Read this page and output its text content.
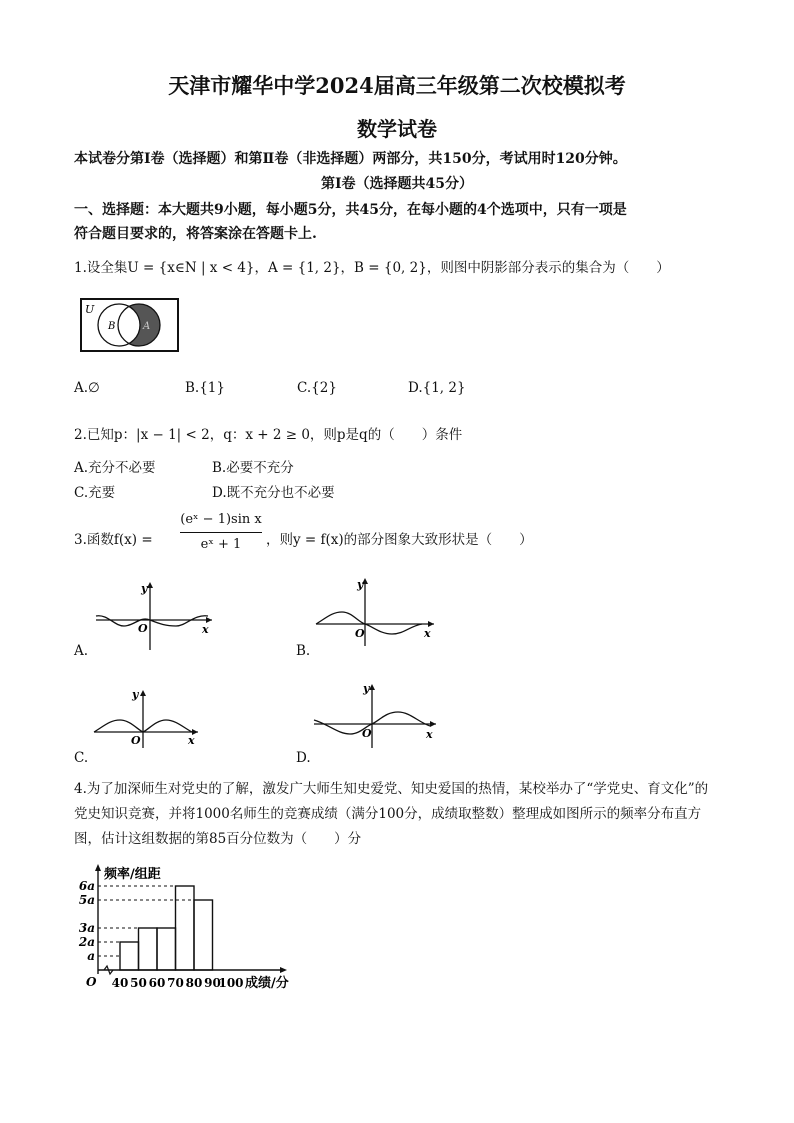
天津市耀华中学2024届高三年级第二次校模拟考
数学试卷
本试卷分第Ⅰ卷（选择题）和第Ⅱ卷（非选择题）两部分，共150分，考试用时120分钟。
第Ⅰ卷（选择题共45分）
一、选择题：本大题共9小题，每小题5分，共45分，在每小题的4个选项中，只有一项是
符合题目要求的，将答案涂在答题卡上.
1.设全集U = {x∈N | x < 4}，A = {1, 2}，B = {0, 2}，则图中阴影部分表示的集合为（　　）
U
B	A
A.∅	B.{1}	C.{2}	D.{1, 2}
2.已知p：|x − 1| < 2，q：x + 2 ≥ 0，则p是q的（　　）条件
A.充分不必要	B.必要不充分
C.充要	D.既不充分也不必要
3.函数f(x) =
(eˣ − 1)sin x
eˣ + 1	，则y = f(x)的部分图象大致形状是（　　）
x
y
O
A.
x
y
O
B.
x
y
O
C.
x
y
O
D.
4.为了加深师生对党史的了解，激发广大师生知史爱党、知史爱国的热情，某校举办了“学党史、育文化”的
党史知识竞赛，并将1000名师生的竞赛成绩（满分100分，成绩取整数）整理成如图所示的频率分布直方
图，估计这组数据的第85百分位数为（　　）分
6a
5a
3a
2a
a
40 50 60 70 80 90
100
O
频率/组距
成绩/分
